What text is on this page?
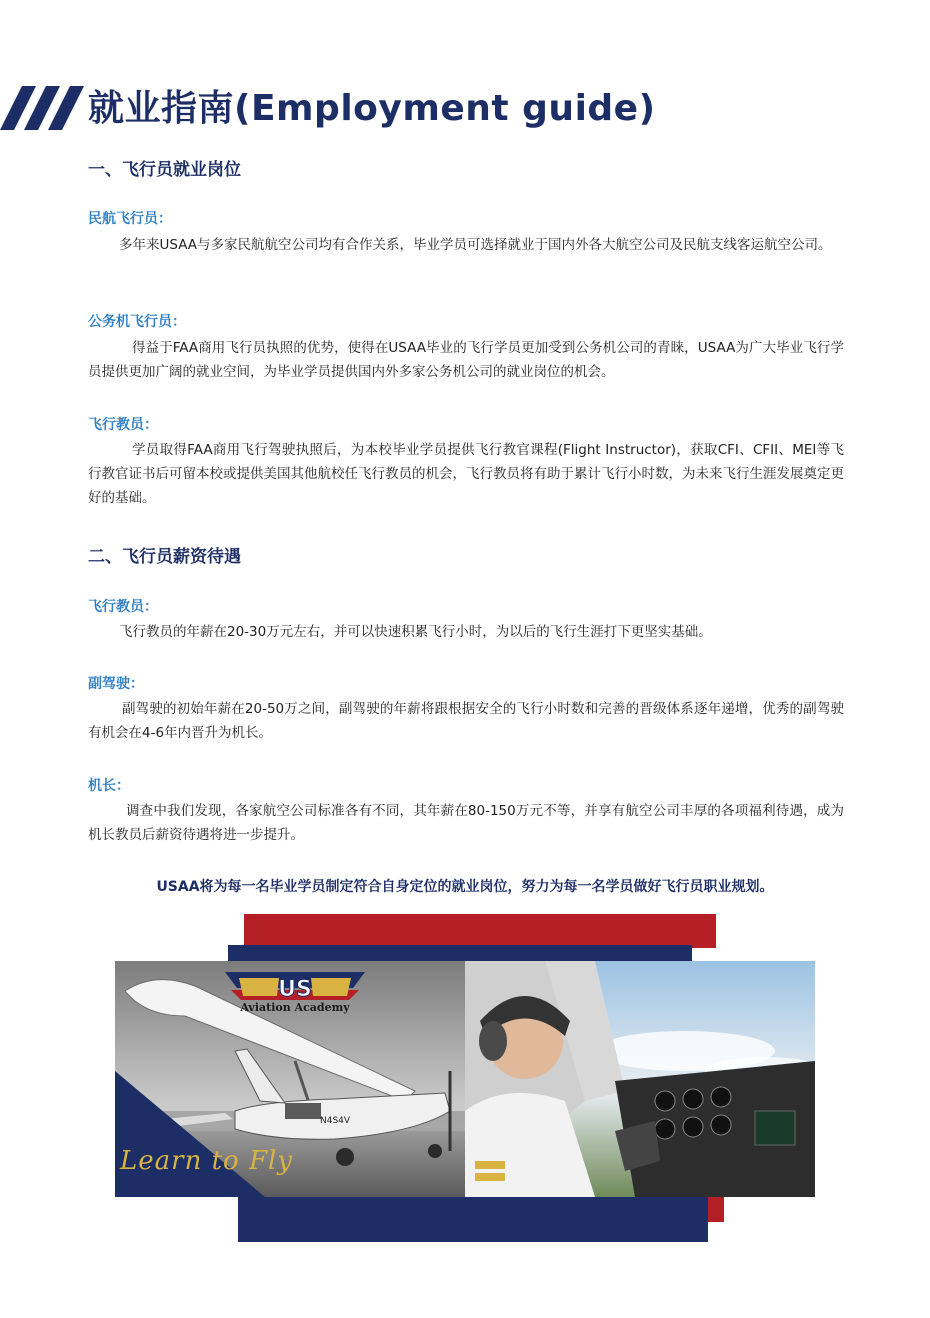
就业指南(Employment guide)
一、飞行员就业岗位
民航飞行员：

多年来USAA与多家民航航空公司均有合作关系，毕业学员可选择就业于国内外各大航空公司及民航支线客运航空公司。

公务机飞行员：

得益于FAA商用飞行员执照的优势，使得在USAA毕业的飞行学员更加受到公务机公司的青睐，USAA为广大毕业飞行学员提供更加广阔的就业空间，为毕业学员提供国内外多家公务机公司的就业岗位的机会。

飞行教员：

学员取得FAA商用飞行驾驶执照后，为本校毕业学员提供飞行教官课程(Flight Instructor)，获取CFI、CFII、MEI等飞行教官证书后可留本校或提供美国其他航校任飞行教员的机会，飞行教员将有助于累计飞行小时数，为未来飞行生涯发展奠定更好的基础。

二、飞行员薪资待遇
飞行教员：

飞行教员的年薪在20-30万元左右，并可以快速积累飞行小时，为以后的飞行生涯打下更坚实基础。

副驾驶：

副驾驶的初始年薪在20-50万之间，副驾驶的年薪将跟根据安全的飞行小时数和完善的晋级体系逐年递增，优秀的副驾驶有机会在4-6年内晋升为机长。

机长：

调查中我们发现，各家航空公司标准各有不同，其年薪在80-150万元不等，并享有航空公司丰厚的各项福利待遇，成为机长教员后薪资待遇将进一步提升。

USAA将为每一名毕业学员制定符合自身定位的就业岗位，努力为每一名学员做好飞行员职业规划。

N4S4V
US
Aviation Academy
Learn to Fly
